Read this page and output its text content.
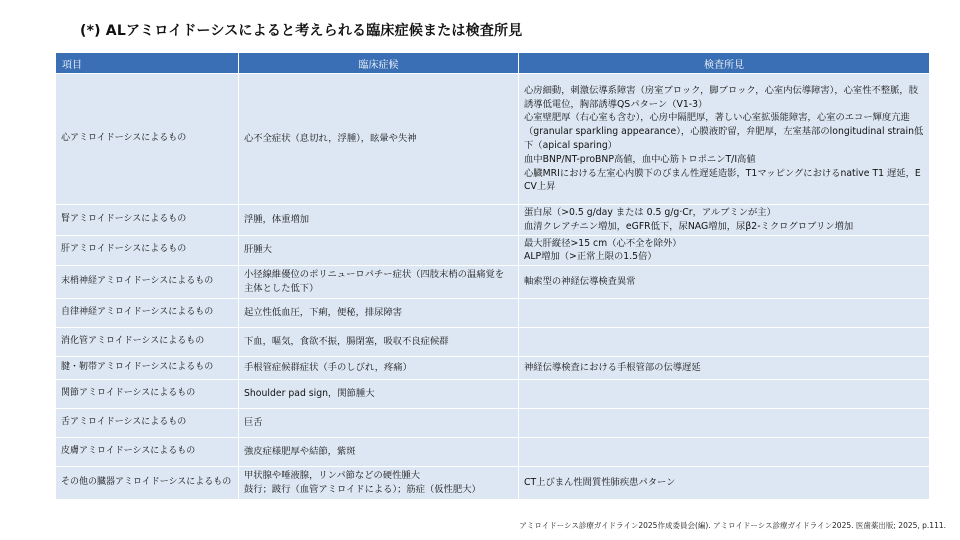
(*) ALアミロイドーシスによると考えられる臨床症候または検査所見
項目	臨床症候	検査所見
心アミロイドーシスによるもの	心不全症状（息切れ，浮腫），眩暈や失神	心房細動，刺激伝導系障害（房室ブロック，脚ブロック，心室内伝導障害），心室性不整脈，肢誘導低電位，胸部誘導QSパターン（V1-3）
心室壁肥厚（右心室も含む），心房中隔肥厚，著しい心室拡張能障害，心室のエコー輝度亢進（granular sparkling appearance），心膜液貯留，弁肥厚，左室基部のlongitudinal strain低下（apical sparing）
血中BNP/NT-proBNP高値，血中心筋トロポニンT/I高値
心臓MRIにおける左室心内膜下のびまん性遅延造影，T1マッピングにおけるnative T1 遅延，ECV上昇

腎アミロイドーシスによるもの	浮腫，体重増加	蛋白尿（>0.5 g/day または 0.5 g/g·Cr，アルブミンが主）
血清クレアチニン増加，eGFR低下，尿NAG増加，尿β2-ミクログロブリン増加

肝アミロイドーシスによるもの	肝腫大	最大肝縦径>15 cm（心不全を除外）
ALP増加（>正常上限の1.5倍）

末梢神経アミロイドーシスによるもの	小径線維優位のポリニューロパチー症状（四肢末梢の温痛覚を主体とした低下）	軸索型の神経伝導検査異常

自律神経アミロイドーシスによるもの	起立性低血圧，下痢，便秘，排尿障害	

消化管アミロイドーシスによるもの	下血，嘔気，食欲不振，腸閉塞，吸収不良症候群	

腱・靭帯アミロイドーシスによるもの	手根管症候群症状（手のしびれ，疼痛）	神経伝導検査における手根管部の伝導遅延

関節アミロイドーシスによるもの	Shoulder pad sign，関節腫大	

舌アミロイドーシスによるもの	巨舌	

皮膚アミロイドーシスによるもの	強皮症様肥厚や結節，紫斑	

その他の臓器アミロイドーシスによるもの	甲状腺や唾液腺，リンパ節などの硬性腫大
鼓行；跛行（血管アミロイドによる）；筋症（仮性肥大）	CT上びまん性間質性肺疾患パターン
アミロイドーシス診療ガイドライン2025作成委員会(編). アミロイドーシス診療ガイドライン2025. 医歯薬出版; 2025, p.111.
